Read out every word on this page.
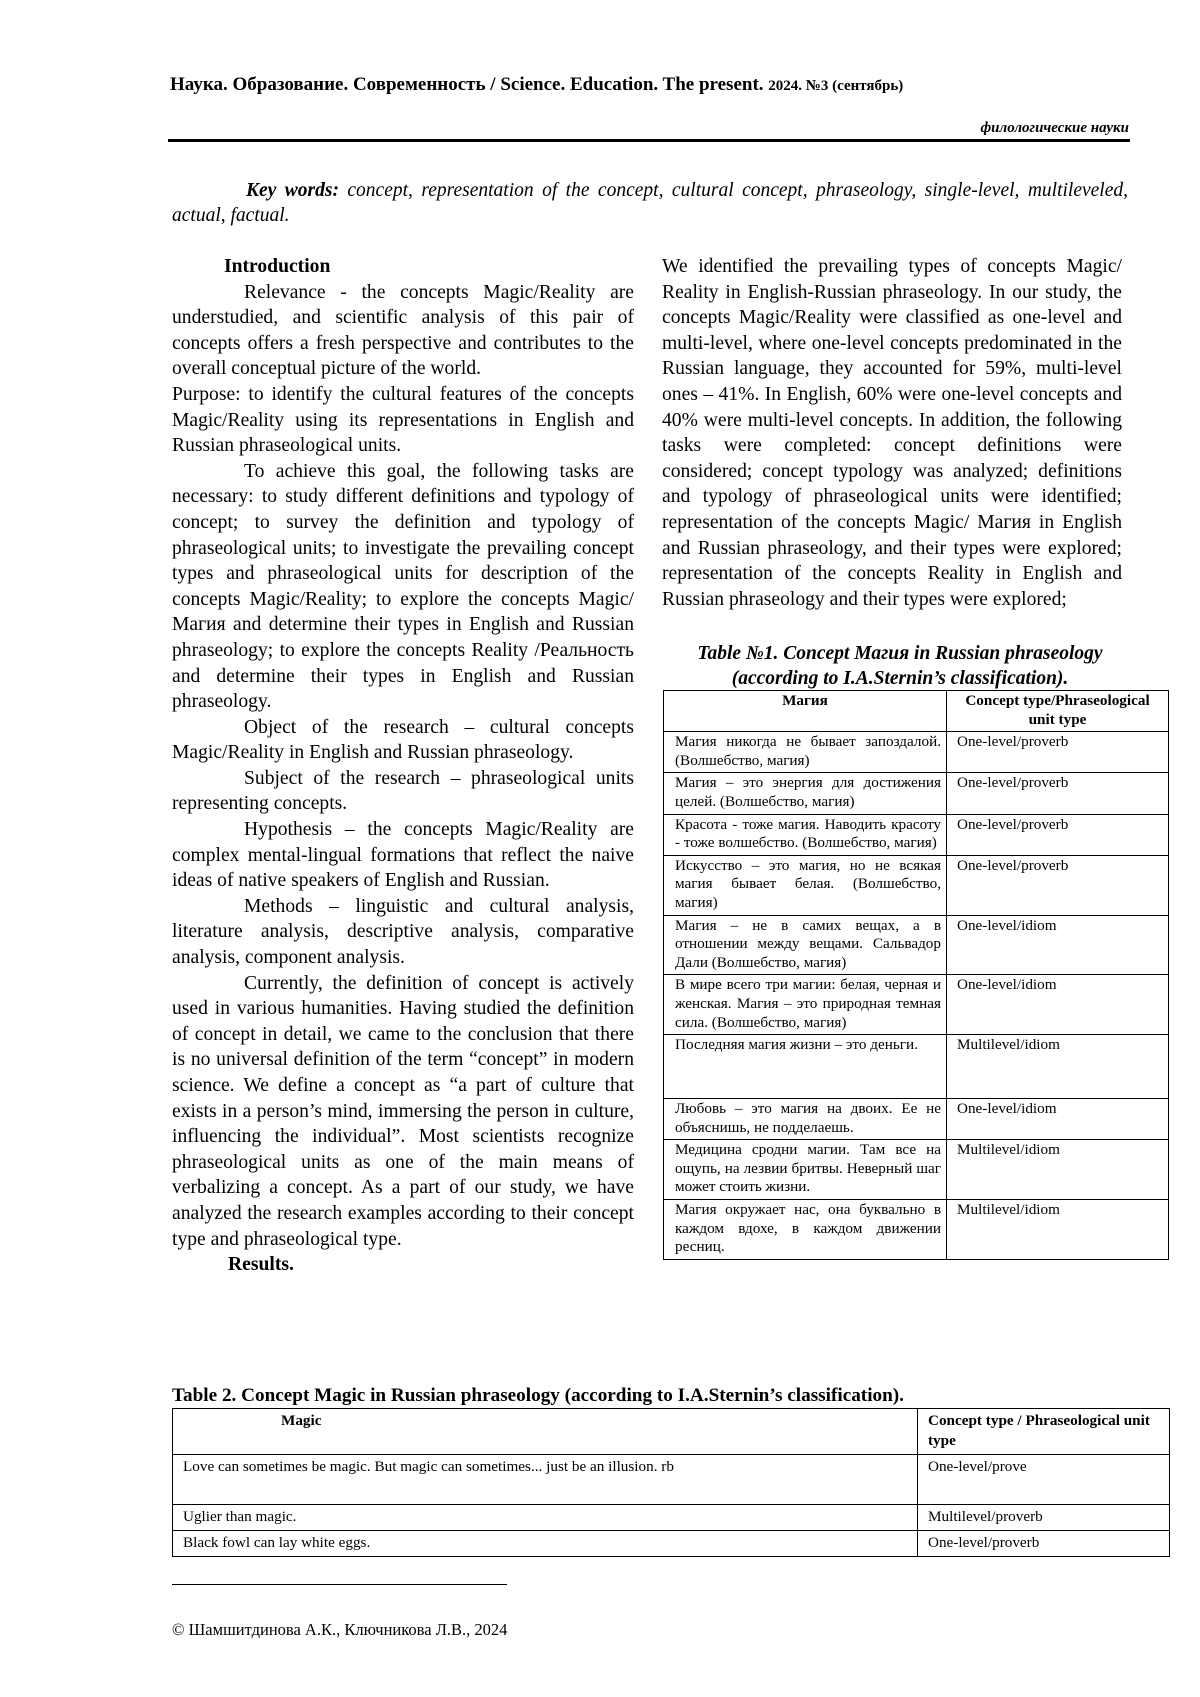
Наука. Образование. Современность / Science. Education. The present. 2024. №3 (сентябрь)
филологические науки
Key words: concept, representation of the concept, cultural concept, phraseology, single-level, multileveled, actual, factual.

Introduction

Relevance - the concepts Magic/Reality are understudied, and scientific analysis of this pair of concepts offers a fresh perspective and contributes to the overall conceptual picture of the world.

Purpose: to identify the cultural features of the concepts Magic/Reality using its representations in English and Russian phraseological units.

To achieve this goal, the following tasks are necessary: to study different definitions and typology of concept; to survey the definition and typology of phraseological units; to investigate the prevailing concept types and phraseological units for description of the concepts Magic/Reality; to explore the concepts Magic/Магия and determine their types in English and Russian phraseology; to explore the concepts Reality /Реальность and determine their types in English and Russian phraseology.

Object of the research – cultural concepts Magic/Reality in English and Russian phraseology.

Subject of the research – phraseological units representing concepts.

Hypothesis – the concepts Magic/Reality are complex mental-lingual formations that reflect the naive ideas of native speakers of English and Russian.

Methods – linguistic and cultural analysis, literature analysis, descriptive analysis, comparative analysis, component analysis.

Currently, the definition of concept is actively used in various humanities. Having studied the definition of concept in detail, we came to the conclusion that there is no universal definition of the term “concept” in modern science. We define a concept as “a part of culture that exists in a person’s mind, immersing the person in culture, influencing the individual”. Most scientists recognize phraseological units as one of the main means of verbalizing a concept. As a part of our study, we have analyzed the research examples according to their concept type and phraseological type.

Results.

We identified the prevailing types of concepts Magic/ Reality in English-Russian phraseology. In our study, the concepts Magic/Reality were classified as one-level and multi-level, where one-level concepts predominated in the Russian language, they accounted for 59%, multi-level ones – 41%. In English, 60% were one-level concepts and 40% were multi-level concepts. In addition, the following tasks were completed: concept definitions were considered; concept typology was analyzed; definitions and typology of phraseological units were identified; representation of the concepts Magic/ Магия in English and Russian phraseology, and their types were explored; representation of the concepts Reality in English and Russian phraseology and their types were explored;

Table №1. Concept Магия in Russian phraseology (according to I.A.Sternin’s classification).
Магия	Concept type/Phraseological unit type
Магия никогда не бывает запоздалой. (Волшебство, магия)	One-level/proverb
Магия – это энергия для достижения целей. (Волшебство, магия)	One-level/proverb
Красота - тоже магия. Наводить красоту - тоже волшебство. (Волшебство, магия)	One-level/proverb
Искусство – это магия, но не всякая магия бывает белая. (Волшебство, магия)	One-level/proverb
Магия – не в самих вещах, а в отношении между вещами. Сальвадор Дали (Волшебство, магия)	One-level/idiom
В мире всего три магии: белая, черная и женская. Магия – это природная темная сила. (Волшебство, магия)	One-level/idiom
Последняя магия жизни – это деньги.	Multilevel/idiom
Любовь – это магия на двоих. Ее не объяснишь, не подделаешь.	One-level/idiom
Медицина сродни магии. Там все на ощупь, на лезвии бритвы. Неверный шаг может стоить жизни.	Multilevel/idiom
Магия окружает нас, она буквально в каждом вдохе, в каждом движении ресниц.	Multilevel/idiom
Table 2. Concept Magic in Russian phraseology (according to I.A.Sternin’s classification).
Magic	Concept type / Phraseological unit type
Love can sometimes be magic. But magic can sometimes... just be an illusion. rb	One-level/prove
Uglier than magic.	Multilevel/proverb
Black fowl can lay white eggs.	One-level/proverb
© Шамшитдинова А.К., Ключникова Л.В., 2024
